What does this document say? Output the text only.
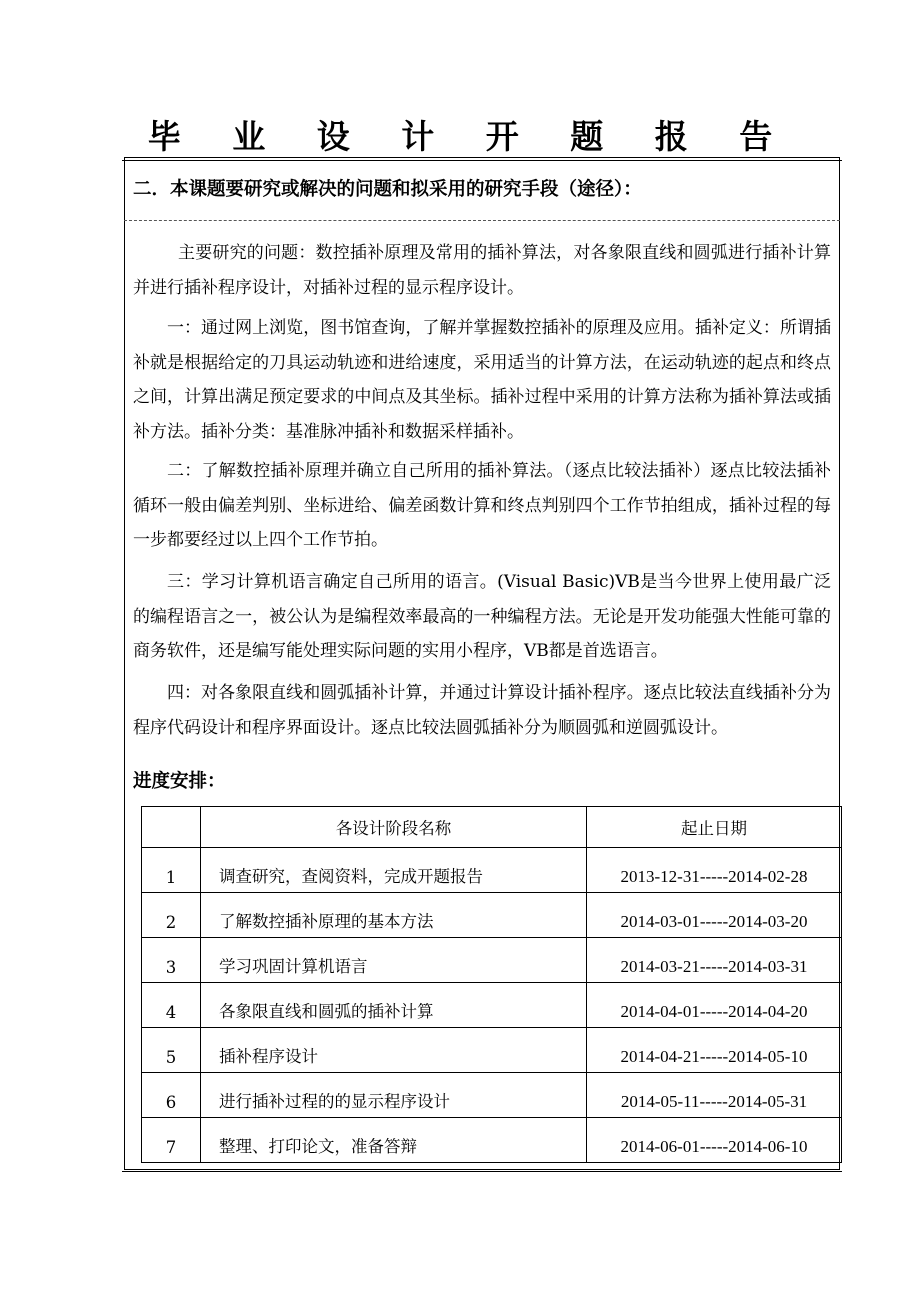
毕 业 设 计 开 题 报 告
二．本课题要研究或解决的问题和拟采用的研究手段（途径）：
主要研究的问题：数控插补原理及常用的插补算法，对各象限直线和圆弧进行插补计算并进行插补程序设计，对插补过程的显示程序设计。
一：通过网上浏览，图书馆查询，了解并掌握数控插补的原理及应用。插补定义：所谓插补就是根据给定的刀具运动轨迹和进给速度，采用适当的计算方法，在运动轨迹的起点和终点之间，计算出满足预定要求的中间点及其坐标。插补过程中采用的计算方法称为插补算法或插补方法。插补分类：基准脉冲插补和数据采样插补。
二：了解数控插补原理并确立自己所用的插补算法。（逐点比较法插补）逐点比较法插补循环一般由偏差判别、坐标进给、偏差函数计算和终点判别四个工作节拍组成，插补过程的每一步都要经过以上四个工作节拍。
三：学习计算机语言确定自己所用的语言。(Visual Basic)VB是当今世界上使用最广泛的编程语言之一，被公认为是编程效率最高的一种编程方法。无论是开发功能强大性能可靠的商务软件，还是编写能处理实际问题的实用小程序，VB都是首选语言。
四：对各象限直线和圆弧插补计算，并通过计算设计插补程序。逐点比较法直线插补分为程序代码设计和程序界面设计。逐点比较法圆弧插补分为顺圆弧和逆圆弧设计。
进度安排：
	各设计阶段名称	起止日期
1	调查研究，查阅资料，完成开题报告	2013-12-31-----2014-02-28
2	了解数控插补原理的基本方法	2014-03-01-----2014-03-20
3	学习巩固计算机语言	2014-03-21-----2014-03-31
4	各象限直线和圆弧的插补计算	2014-04-01-----2014-04-20
5	插补程序设计	2014-04-21-----2014-05-10
6	进行插补过程的的显示程序设计	2014-05-11-----2014-05-31
7	整理、打印论文，准备答辩	2014-06-01-----2014-06-10
